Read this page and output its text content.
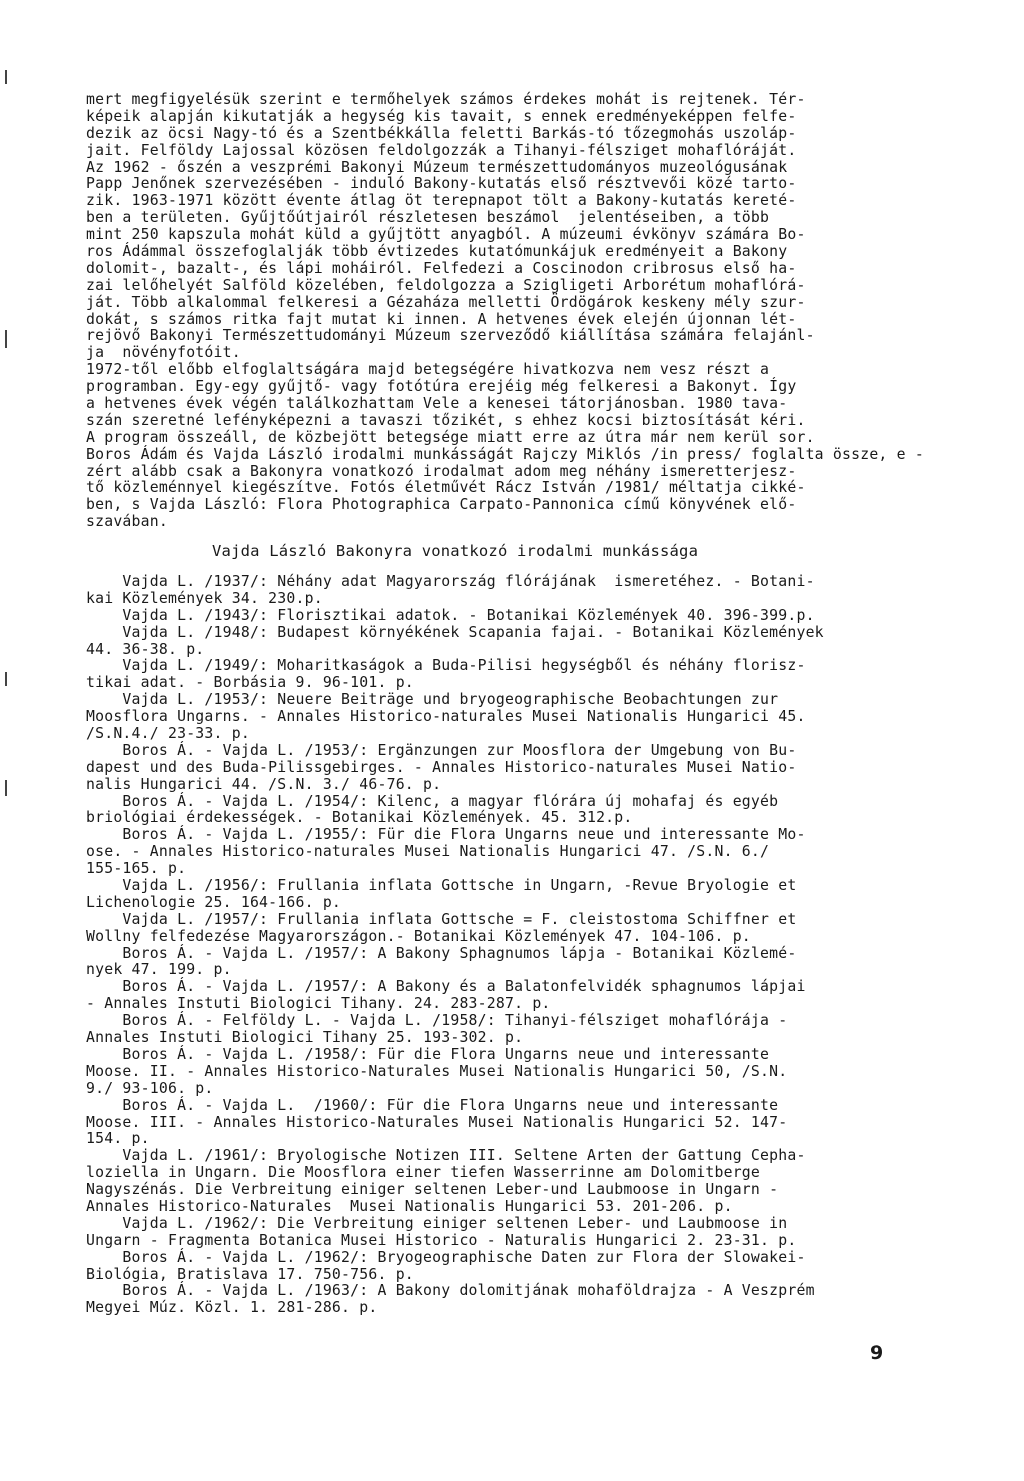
mert megfigyelésük szerint e termőhelyek számos érdekes mohát is rejtenek. Tér-
képeik alapján kikutatják a hegység kis tavait, s ennek eredményeképpen felfe-
dezik az öcsi Nagy-tó és a Szentbékkálla feletti Barkás-tó tőzegmohás uszoláp-
jait. Felföldy Lajossal közösen feldolgozzák a Tihanyi-félsziget mohaflóráját.
Az 1962 - őszén a veszprémi Bakonyi Múzeum természettudományos muzeológusának
Papp Jenőnek szervezésében - induló Bakony-kutatás első résztvevői közé tarto-
zik. 1963-1971 között évente átlag öt terepnapot tölt a Bakony-kutatás kereté-
ben a területen. Gyűjtőútjairól részletesen beszámol  jelentéseiben, a több
mint 250 kapszula mohát küld a gyűjtött anyagból. A múzeumi évkönyv számára Bo-
ros Ádámmal összefoglalják több évtizedes kutatómunkájuk eredményeit a Bakony
dolomit-, bazalt-, és lápi moháiról. Felfedezi a Coscinodon cribrosus első ha-
zai lelőhelyét Salföld közelében, feldolgozza a Szigligeti Arborétum mohaflórá-
ját. Több alkalommal felkeresi a Gézaháza melletti Ördögárok keskeny mély szur-
dokát, s számos ritka fajt mutat ki innen. A hetvenes évek elején újonnan lét-
rejövő Bakonyi Természettudományi Múzeum szerveződő kiállítása számára felajánl-
ja  növényfotóit.
1972-től előbb elfoglaltságára majd betegségére hivatkozva nem vesz részt a
programban. Egy-egy gyűjtő- vagy fotótúra erejéig még felkeresi a Bakonyt. Így
a hetvenes évek végén találkozhattam Vele a kenesei tátorjánosban. 1980 tava-
szán szeretné lefényképezni a tavaszi tőzikét, s ehhez kocsi biztosítását kéri.
A program összeáll, de közbejött betegsége miatt erre az útra már nem kerül sor.
Boros Ádám és Vajda László irodalmi munkásságát Rajczy Miklós /in press/ foglalta össze, e -
zért alább csak a Bakonyra vonatkozó irodalmat adom meg néhány ismeretterjesz-
tő közleménnyel kiegészítve. Fotós életművét Rácz István /1981/ méltatja cikké-
ben, s Vajda László: Flora Photographica Carpato-Pannonica című könyvének elő-
szavában.
Vajda László Bakonyra vonatkozó irodalmi munkássága
Vajda L. /1937/: Néhány adat Magyarország flórájának  ismeretéhez. - Botani-
kai Közlemények 34. 230.p.
Vajda L. /1943/: Florisztikai adatok. - Botanikai Közlemények 40. 396-399.p.
Vajda L. /1948/: Budapest környékének Scapania fajai. - Botanikai Közlemények
44. 36-38. p.
Vajda L. /1949/: Moharitkaságok a Buda-Pilisi hegységből és néhány florisz-
tikai adat. - Borbásia 9. 96-101. p.
Vajda L. /1953/: Neuere Beiträge und bryogeographische Beobachtungen zur
Moosflora Ungarns. - Annales Historico-naturales Musei Nationalis Hungarici 45.
/S.N.4./ 23-33. p.
Boros Á. - Vajda L. /1953/: Ergänzungen zur Moosflora der Umgebung von Bu-
dapest und des Buda-Pilissgebirges. - Annales Historico-naturales Musei Natio-
nalis Hungarici 44. /S.N. 3./ 46-76. p.
Boros Á. - Vajda L. /1954/: Kilenc, a magyar flórára új mohafaj és egyéb
briológiai érdekességek. - Botanikai Közlemények. 45. 312.p.
Boros Á. - Vajda L. /1955/: Für die Flora Ungarns neue und interessante Mo-
ose. - Annales Historico-naturales Musei Nationalis Hungarici 47. /S.N. 6./
155-165. p.
Vajda L. /1956/: Frullania inflata Gottsche in Ungarn, -Revue Bryologie et
Lichenologie 25. 164-166. p.
Vajda L. /1957/: Frullania inflata Gottsche = F. cleistostoma Schiffner et
Wollny felfedezése Magyarországon.- Botanikai Közlemények 47. 104-106. p.
Boros Á. - Vajda L. /1957/: A Bakony Sphagnumos lápja - Botanikai Közlemé-
nyek 47. 199. p.
Boros Á. - Vajda L. /1957/: A Bakony és a Balatonfelvidék sphagnumos lápjai
- Annales Instuti Biologici Tihany. 24. 283-287. p.
Boros Á. - Felföldy L. - Vajda L. /1958/: Tihanyi-félsziget mohaflórája -
Annales Instuti Biologici Tihany 25. 193-302. p.
Boros Á. - Vajda L. /1958/: Für die Flora Ungarns neue und interessante
Moose. II. - Annales Historico-Naturales Musei Nationalis Hungarici 50, /S.N.
9./ 93-106. p.
Boros Á. - Vajda L.  /1960/: Für die Flora Ungarns neue und interessante
Moose. III. - Annales Historico-Naturales Musei Nationalis Hungarici 52. 147-
154. p.
Vajda L. /1961/: Bryologische Notizen III. Seltene Arten der Gattung Cepha-
loziella in Ungarn. Die Moosflora einer tiefen Wasserrinne am Dolomitberge
Nagyszénás. Die Verbreitung einiger seltenen Leber-und Laubmoose in Ungarn -
Annales Historico-Naturales  Musei Nationalis Hungarici 53. 201-206. p.
Vajda L. /1962/: Die Verbreitung einiger seltenen Leber- und Laubmoose in
Ungarn - Fragmenta Botanica Musei Historico - Naturalis Hungarici 2. 23-31. p.
Boros Á. - Vajda L. /1962/: Bryogeographische Daten zur Flora der Slowakei-
Biológia, Bratislava 17. 750-756. p.
Boros Á. - Vajda L. /1963/: A Bakony dolomitjának mohaföldrajza - A Veszprém
Megyei Múz. Közl. 1. 281-286. p.
9
